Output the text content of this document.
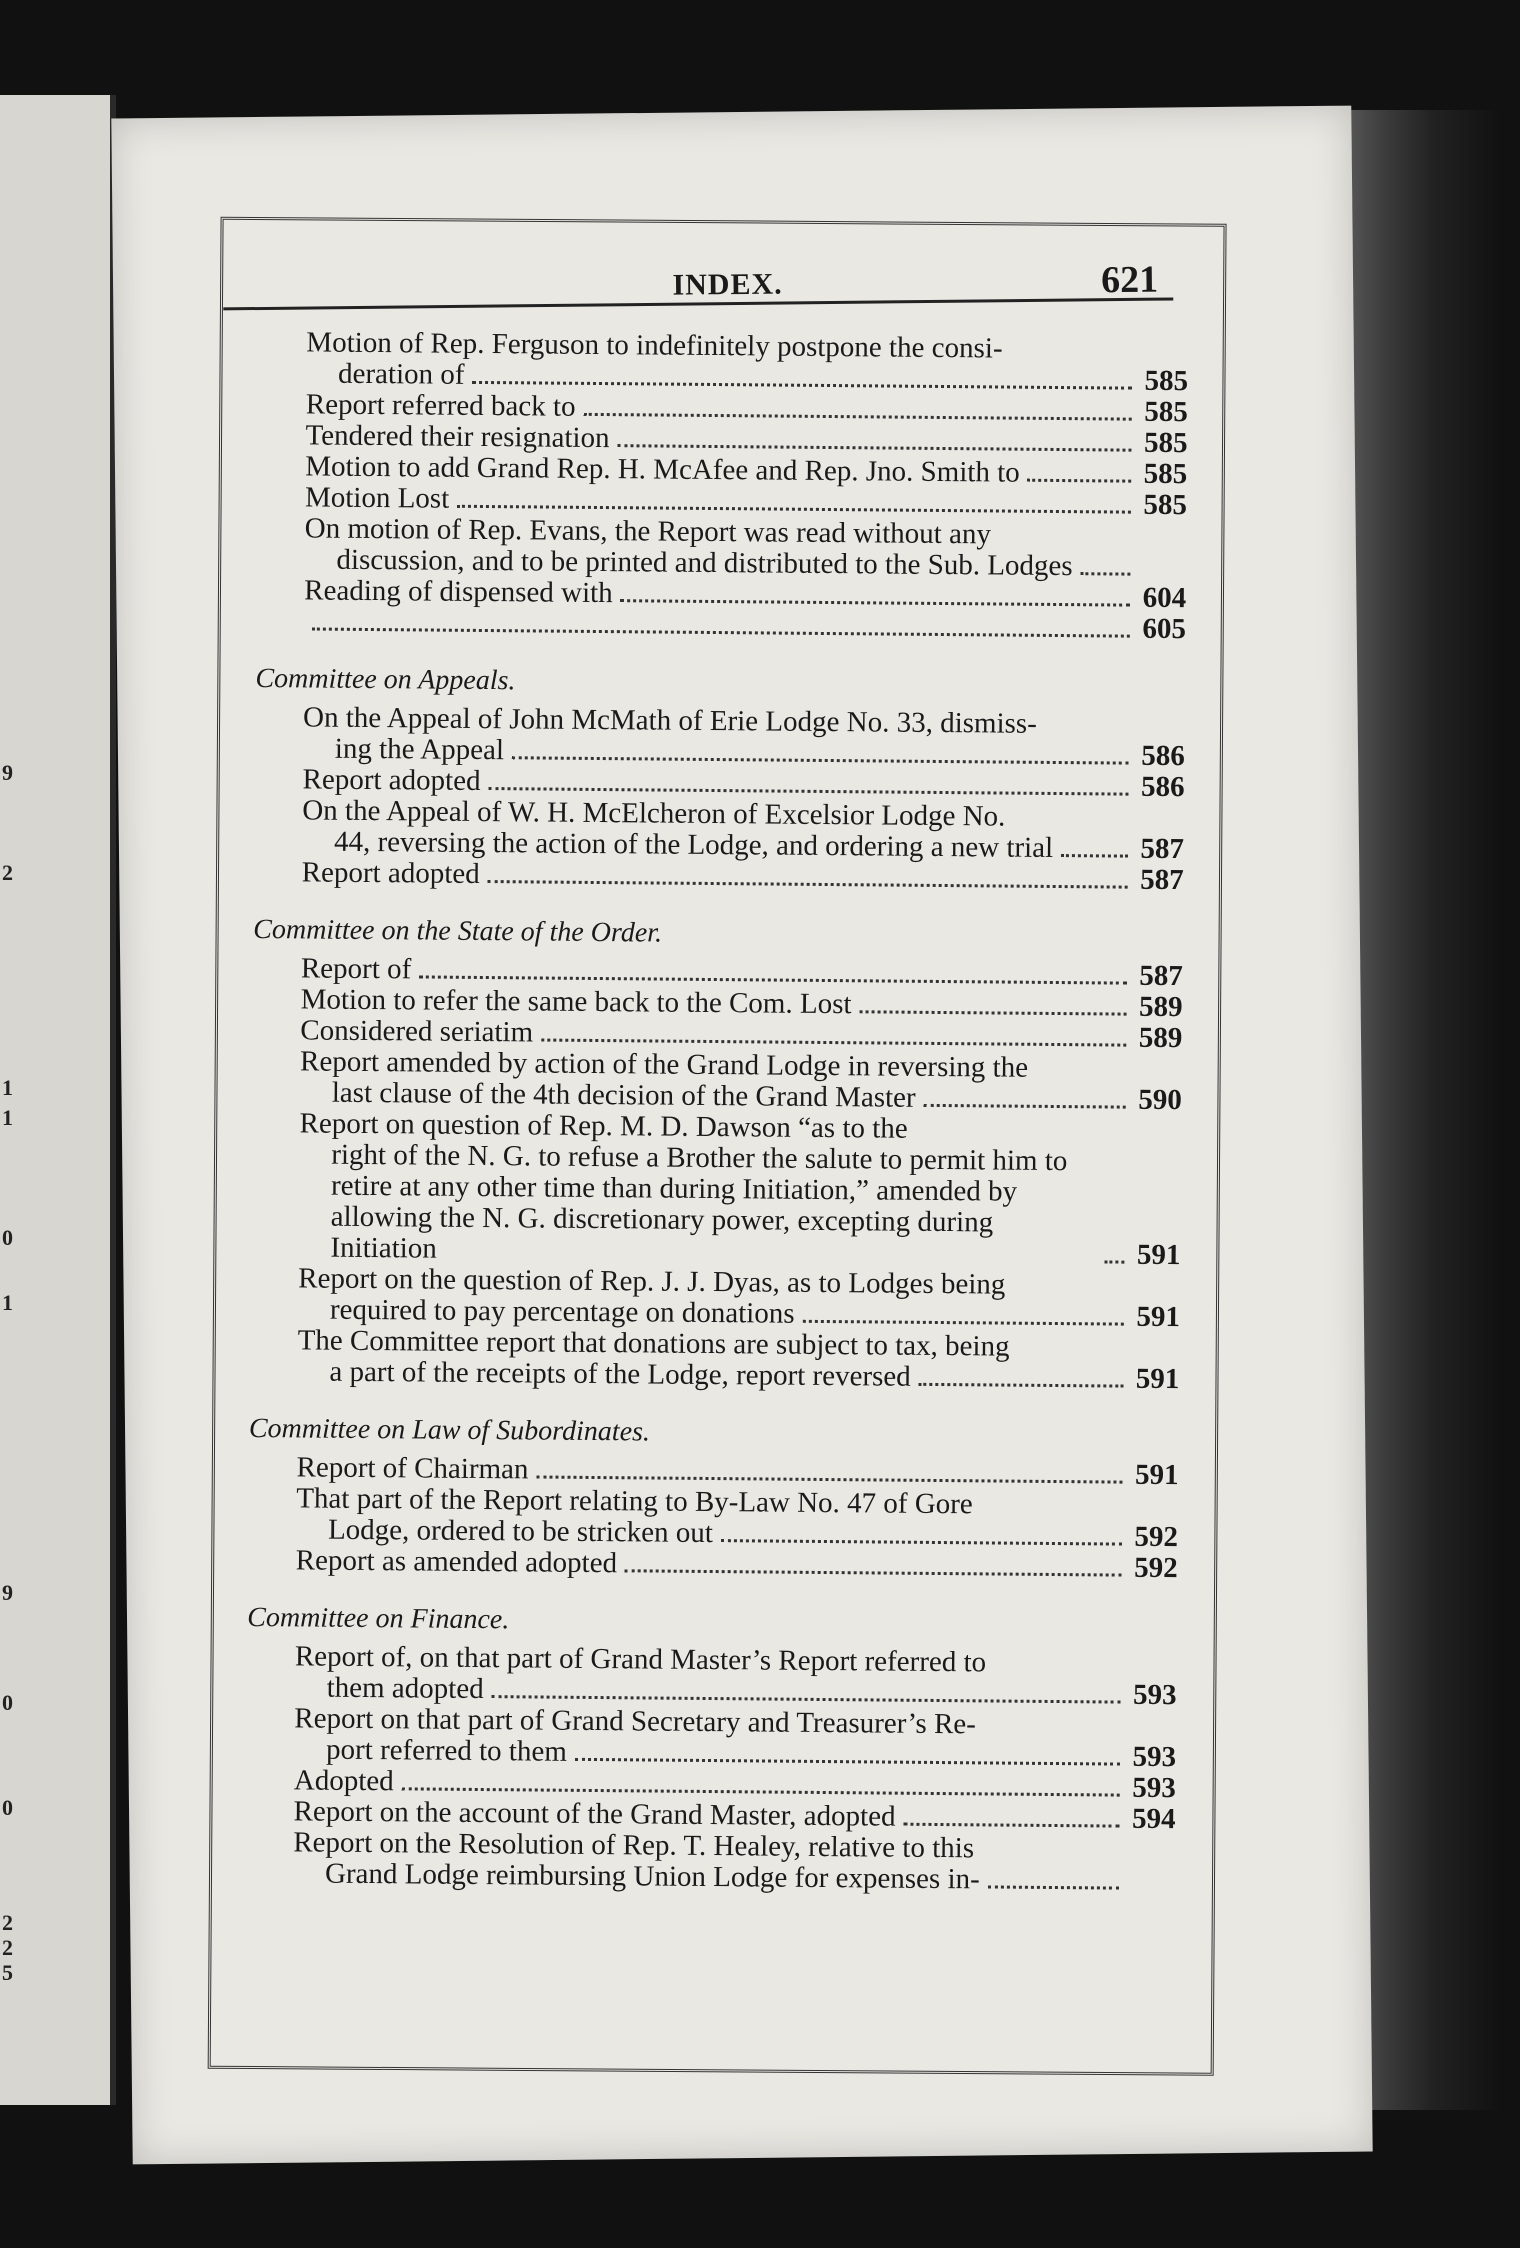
9
2
1
1
0
1
9
0
0
2
2
5
INDEX.	621
Motion of Rep. Ferguson to indefinitely postpone the consi-
deration of	585
Report referred back to	585
Tendered their resignation	585
Motion to add Grand Rep. H. McAfee and Rep. Jno. Smith to	585
Motion Lost	585
On motion of Rep. Evans, the Report was read without any
discussion, and to be printed and distributed to the Sub. Lodges
Reading of dispensed with	604
605
Committee on Appeals.
On the Appeal of John McMath of Erie Lodge No. 33, dismiss-
ing the Appeal	586
Report adopted	586
On the Appeal of W. H. McElcheron of Excelsior Lodge No.
44, reversing the action of the Lodge, and ordering a new trial	587
Report adopted	587
Committee on the State of the Order.
Report of	587
Motion to refer the same back to the Com. Lost	589
Considered seriatim	589
Report amended by action of the Grand Lodge in reversing the
last clause of the 4th decision of the Grand Master	590
Report on question of Rep. M. D. Dawson “as to the
right of the N. G. to refuse a Brother the salute to permit him to retire at any other time than during Initiation,” amended by allowing the N. G. discretionary power, excepting during Initiation	591
Report on the question of Rep. J. J. Dyas, as to Lodges being
required to pay percentage on donations	591
The Committee report that donations are subject to tax, being
a part of the receipts of the Lodge, report reversed	591
Committee on Law of Subordinates.
Report of Chairman	591
That part of the Report relating to By-Law No. 47 of Gore
Lodge, ordered to be stricken out	592
Report as amended adopted	592
Committee on Finance.
Report of, on that part of Grand Master’s Report referred to
them adopted	593
Report on that part of Grand Secretary and Treasurer’s Re-
port referred to them	593
Adopted	593
Report on the account of the Grand Master, adopted	594
Report on the Resolution of Rep. T. Healey, relative to this
Grand Lodge reimbursing Union Lodge for expenses in-
